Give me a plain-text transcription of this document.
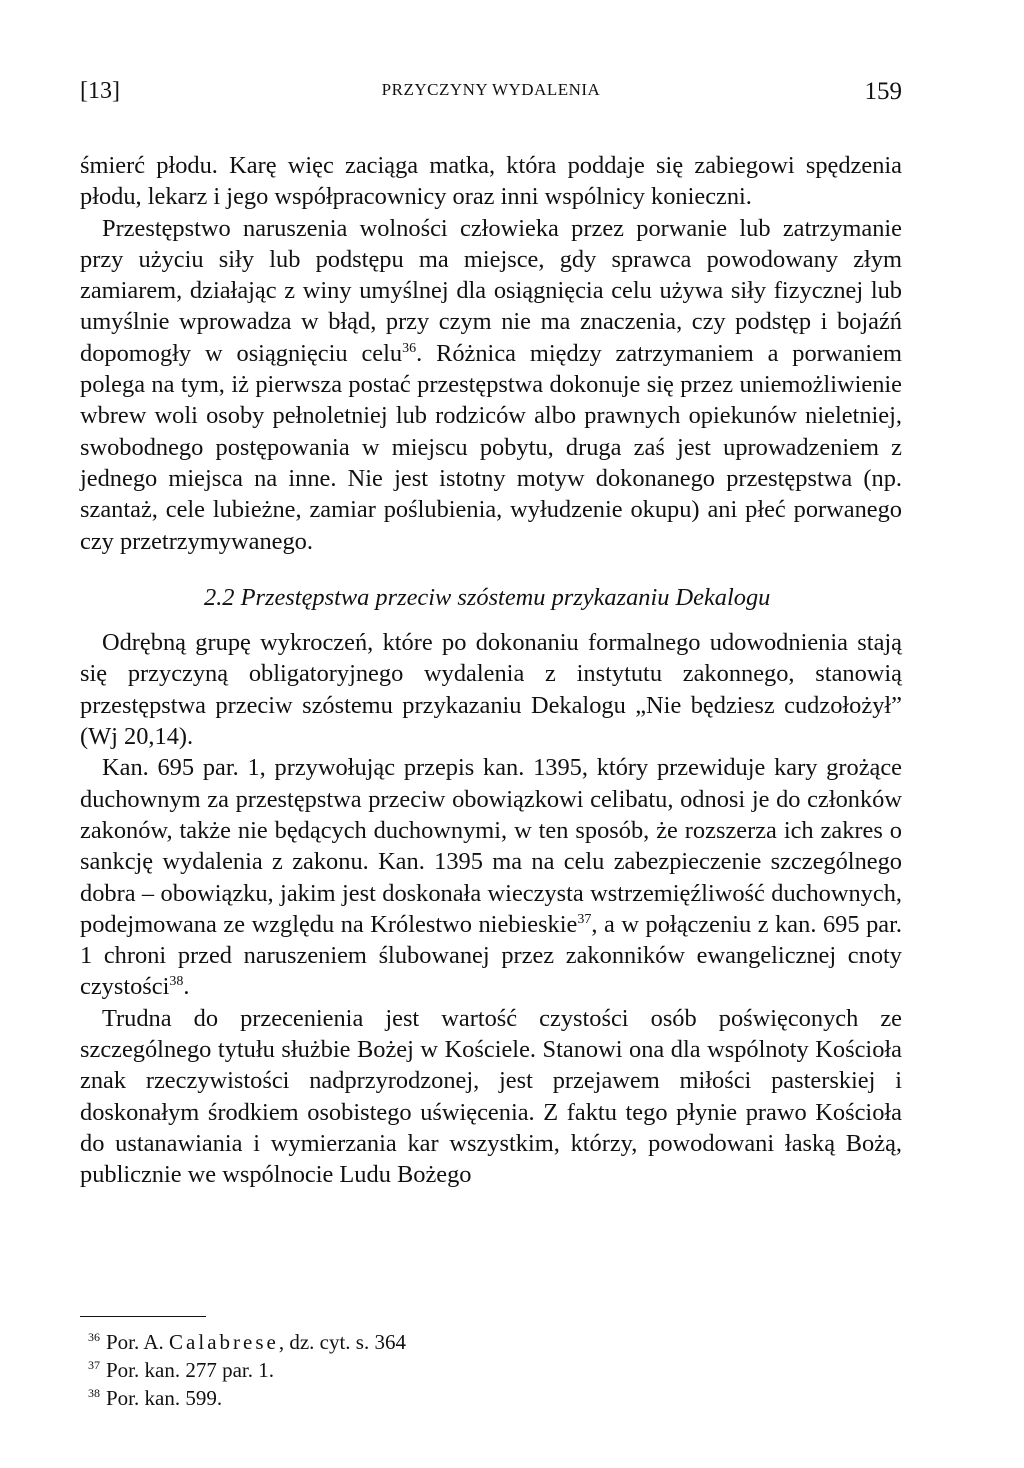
[13]	PRZYCZYNY WYDALENIA	159

śmierć płodu. Karę więc zaciąga matka, która poddaje się zabiegowi spędzenia płodu, lekarz i jego współpracownicy oraz inni wspólnicy konieczni.

Przestępstwo naruszenia wolności człowieka przez porwanie lub zatrzymanie przy użyciu siły lub podstępu ma miejsce, gdy sprawca powodowany złym zamiarem, działając z winy umyślnej dla osiągnięcia celu używa siły fizycznej lub umyślnie wprowadza w błąd, przy czym nie ma znaczenia, czy podstęp i bojaźń dopomogły w osiągnięciu celu$^{36}$. Różnica między zatrzymaniem a porwaniem polega na tym, iż pierwsza postać przestępstwa dokonuje się przez uniemożliwienie wbrew woli osoby pełnoletniej lub rodziców albo prawnych opiekunów nieletniej, swobodnego postępowania w miejscu pobytu, druga zaś jest uprowadzeniem z jednego miejsca na inne. Nie jest istotny motyw dokonanego przestępstwa (np. szantaż, cele lubieżne, zamiar poślubienia, wyłudzenie okupu) ani płeć porwanego czy przetrzymywanego.

2.2 Przestępstwa przeciw szóstemu przykazaniu Dekalogu

Odrębną grupę wykroczeń, które po dokonaniu formalnego udowodnienia stają się przyczyną obligatoryjnego wydalenia z instytutu zakonnego, stanowią przestępstwa przeciw szóstemu przykazaniu Dekalogu „Nie będziesz cudzołożył” (Wj 20,14).

Kan. 695 par. 1, przywołując przepis kan. 1395, który przewiduje kary grożące duchownym za przestępstwa przeciw obowiązkowi celibatu, odnosi je do członków zakonów, także nie będących duchownymi, w ten sposób, że rozszerza ich zakres o sankcję wydalenia z zakonu. Kan. 1395 ma na celu zabezpieczenie szczególnego dobra – obowiązku, jakim jest doskonała wieczysta wstrzemięźliwość duchownych, podejmowana ze względu na Królestwo niebieskie$^{37}$, a w połączeniu z kan. 695 par. 1 chroni przed naruszeniem ślubowanej przez zakonników ewangelicznej cnoty czystości$^{38}$.

Trudna do przecenienia jest wartość czystości osób poświęconych ze szczególnego tytułu służbie Bożej w Kościele. Stanowi ona dla wspólnoty Kościoła znak rzeczywistości nadprzyrodzonej, jest przejawem miłości pasterskiej i doskonałym środkiem osobistego uświęcenia. Z faktu tego płynie prawo Kościoła do ustanawiania i wymierzania kar wszystkim, którzy, powodowani łaską Bożą, publicznie we wspólnocie Ludu Bożego

$^{36}$ Por. A. Calabrese, dz. cyt. s. 364

$^{37}$ Por. kan. 277 par. 1.

$^{38}$ Por. kan. 599.
